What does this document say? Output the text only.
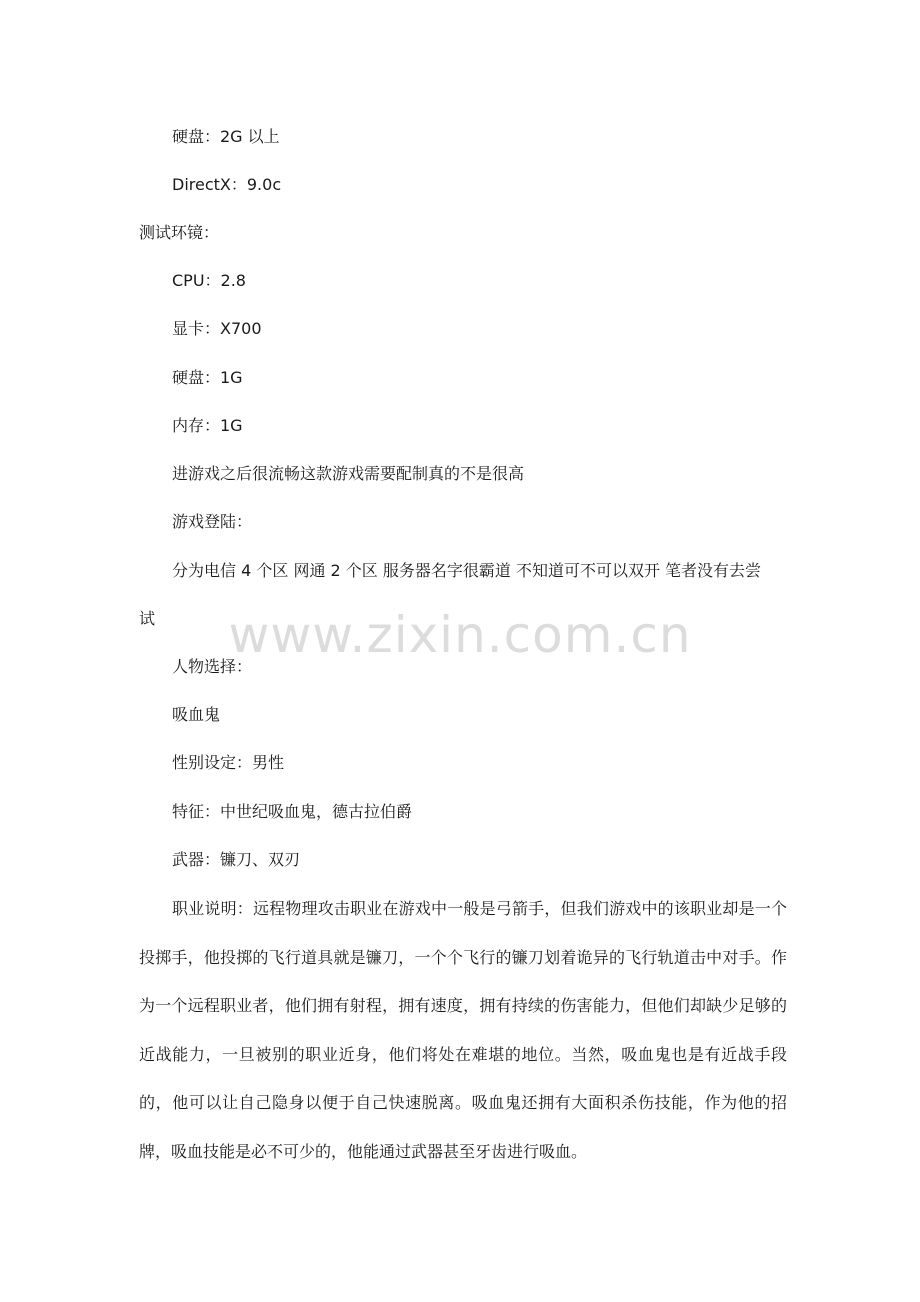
硬盘：2G 以上
DirectX：9.0c
测试环镜：
CPU：2.8
显卡：X700
硬盘：1G
内存：1G
进游戏之后很流畅这款游戏需要配制真的不是很高
游戏登陆：
分为电信 4 个区 网通 2 个区 服务器名字很霸道 不知道可不可以双开 笔者没有去尝
试
人物选择：
吸血鬼
性别设定：男性
特征：中世纪吸血鬼，德古拉伯爵
武器：镰刀、双刃
职业说明：远程物理攻击职业在游戏中一般是弓箭手，但我们游戏中的该职业却是一个投掷手，他投掷的飞行道具就是镰刀，一个个飞行的镰刀划着诡异的飞行轨道击中对手。作为一个远程职业者，他们拥有射程，拥有速度，拥有持续的伤害能力，但他们却缺少足够的近战能力，一旦被别的职业近身，他们将处在难堪的地位。当然，吸血鬼也是有近战手段的，他可以让自己隐身以便于自己快速脱离。吸血鬼还拥有大面积杀伤技能，作为他的招牌，吸血技能是必不可少的，他能通过武器甚至牙齿进行吸血。
www.zixin.com.cn
